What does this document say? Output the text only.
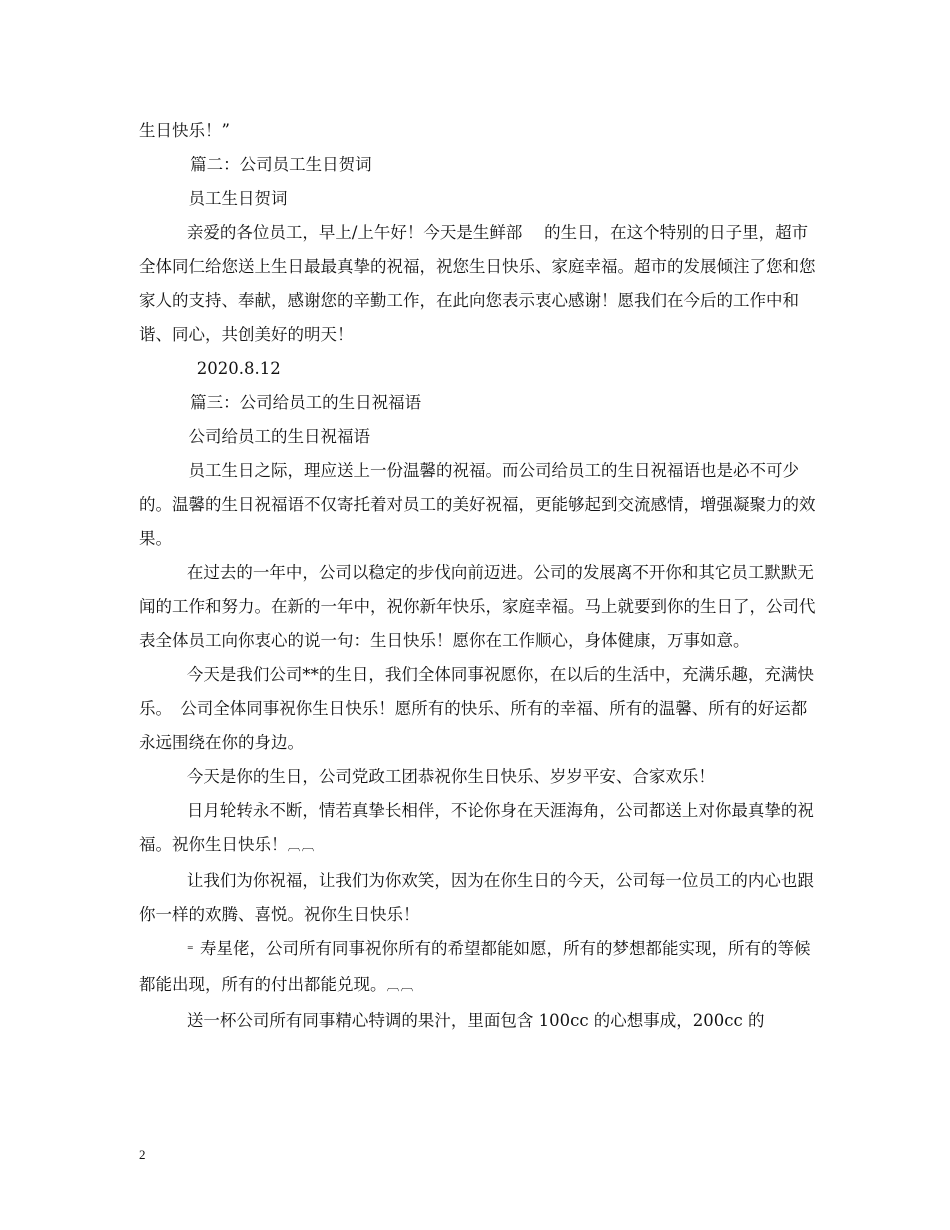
生日快乐！”

篇二：公司员工生日贺词

员工生日贺词

亲爱的各位员工，早上/上午好！今天是生鲜部　 的生日，在这个特别的日子里，超市全体同仁给您送上生日最最真挚的祝福，祝您生日快乐、家庭幸福。超市的发展倾注了您和您家人的支持、奉献，感谢您的辛勤工作，在此向您表示衷心感谢！愿我们在今后的工作中和谐、同心，共创美好的明天！

2020.8.12

篇三：公司给员工的生日祝福语

公司给员工的生日祝福语

员工生日之际，理应送上一份温馨的祝福。而公司给员工的生日祝福语也是必不可少的。温馨的生日祝福语不仅寄托着对员工的美好祝福，更能够起到交流感情，增强凝聚力的效果。

在过去的一年中，公司以稳定的步伐向前迈进。公司的发展离不开你和其它员工默默无闻的工作和努力。在新的一年中，祝你新年快乐，家庭幸福。马上就要到你的生日了，公司代表全体员工向你衷心的说一句：生日快乐！愿你在工作顺心，身体健康，万事如意。

今天是我们公司**的生日，我们全体同事祝愿你，在以后的生活中，充满乐趣，充满快乐。　公司全体同事祝你生日快乐！愿所有的快乐、所有的幸福、所有的温馨、所有的好运都永远围绕在你的身边。

今天是你的生日，公司党政工团恭祝你生日快乐、岁岁平安、合家欢乐！

日月轮转永不断，情若真挚长相伴，不论你身在天涯海角，公司都送上对你最真挚的祝福。祝你生日快乐！︹︹

让我们为你祝福，让我们为你欢笑，因为在你生日的今天，公司每一位员工的内心也跟你一样的欢腾、喜悦。祝你生日快乐！

⁼ 寿星佬，公司所有同事祝你所有的希望都能如愿，所有的梦想都能实现，所有的等候都能出现，所有的付出都能兑现。︹︹

送一杯公司所有同事精心特调的果汁，里面包含 100cc 的心想事成，200cc 的

2
